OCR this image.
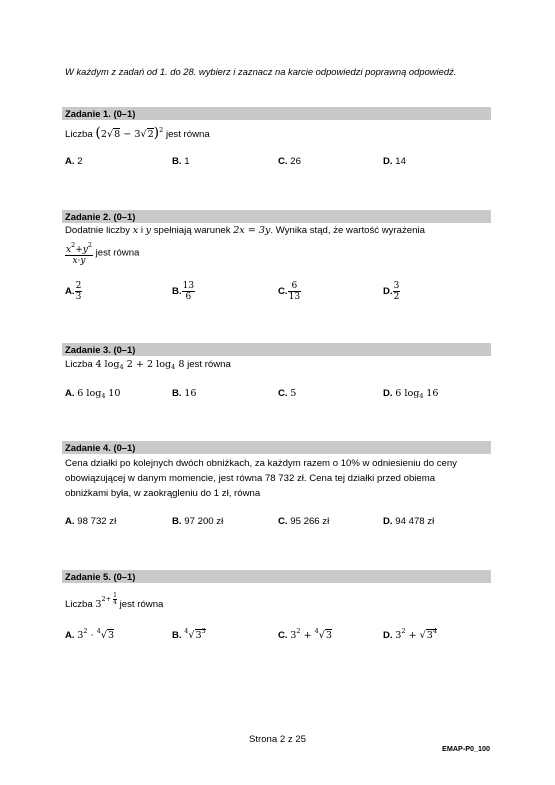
W każdym z zadań od 1. do 28. wybierz i zaznacz na karcie odpowiedzi poprawną odpowiedź.
Zadanie 1. (0–1)
Liczba $(2√8 - 3√2)^2$ jest równa
A. 2	B. 1	C. 26	D. 14
Zadanie 2. (0–1)
Dodatnie liczby x i y spełniają warunek 2x = 3y. Wynika stąd, że wartość wyrażenia
$\frac{x^2+y^2}{x\cdot y}$ jest równa
A. $\frac{2}{3}$	B. $\frac{13}{6}$	C. $\frac{6}{13}$	D. $\frac{3}{2}$
Zadanie 3. (0–1)
Liczba 4 $\log_4 2 + 2$ $\log_4 8$ jest równa
A. 6 $\log_4 10$	B. 16	C. 5	D. 6 $\log_4 16$
Zadanie 4. (0–1)
Cena działki po kolejnych dwóch obniżkach, za każdym razem o 10% w odniesieniu do ceny
obowiązującej w danym momencie, jest równa 78 732 zł. Cena tej działki przed obiema
obniżkami była, w zaokrągleniu do 1 zł, równa
A. 98 732 zł	B. 97 200 zł	C. 95 266 zł	D. 94 478 zł
Zadanie 5. (0–1)
Liczba $3^{2+ \frac{1}{4}}$ jest równa
A. $3^2 \cdot ^4√3$	B. $^4√3^3$	C. $3^2 + ^4√3$	D. $3^2 + √3^4$
Strona 2 z 25
EMAP-P0_100
